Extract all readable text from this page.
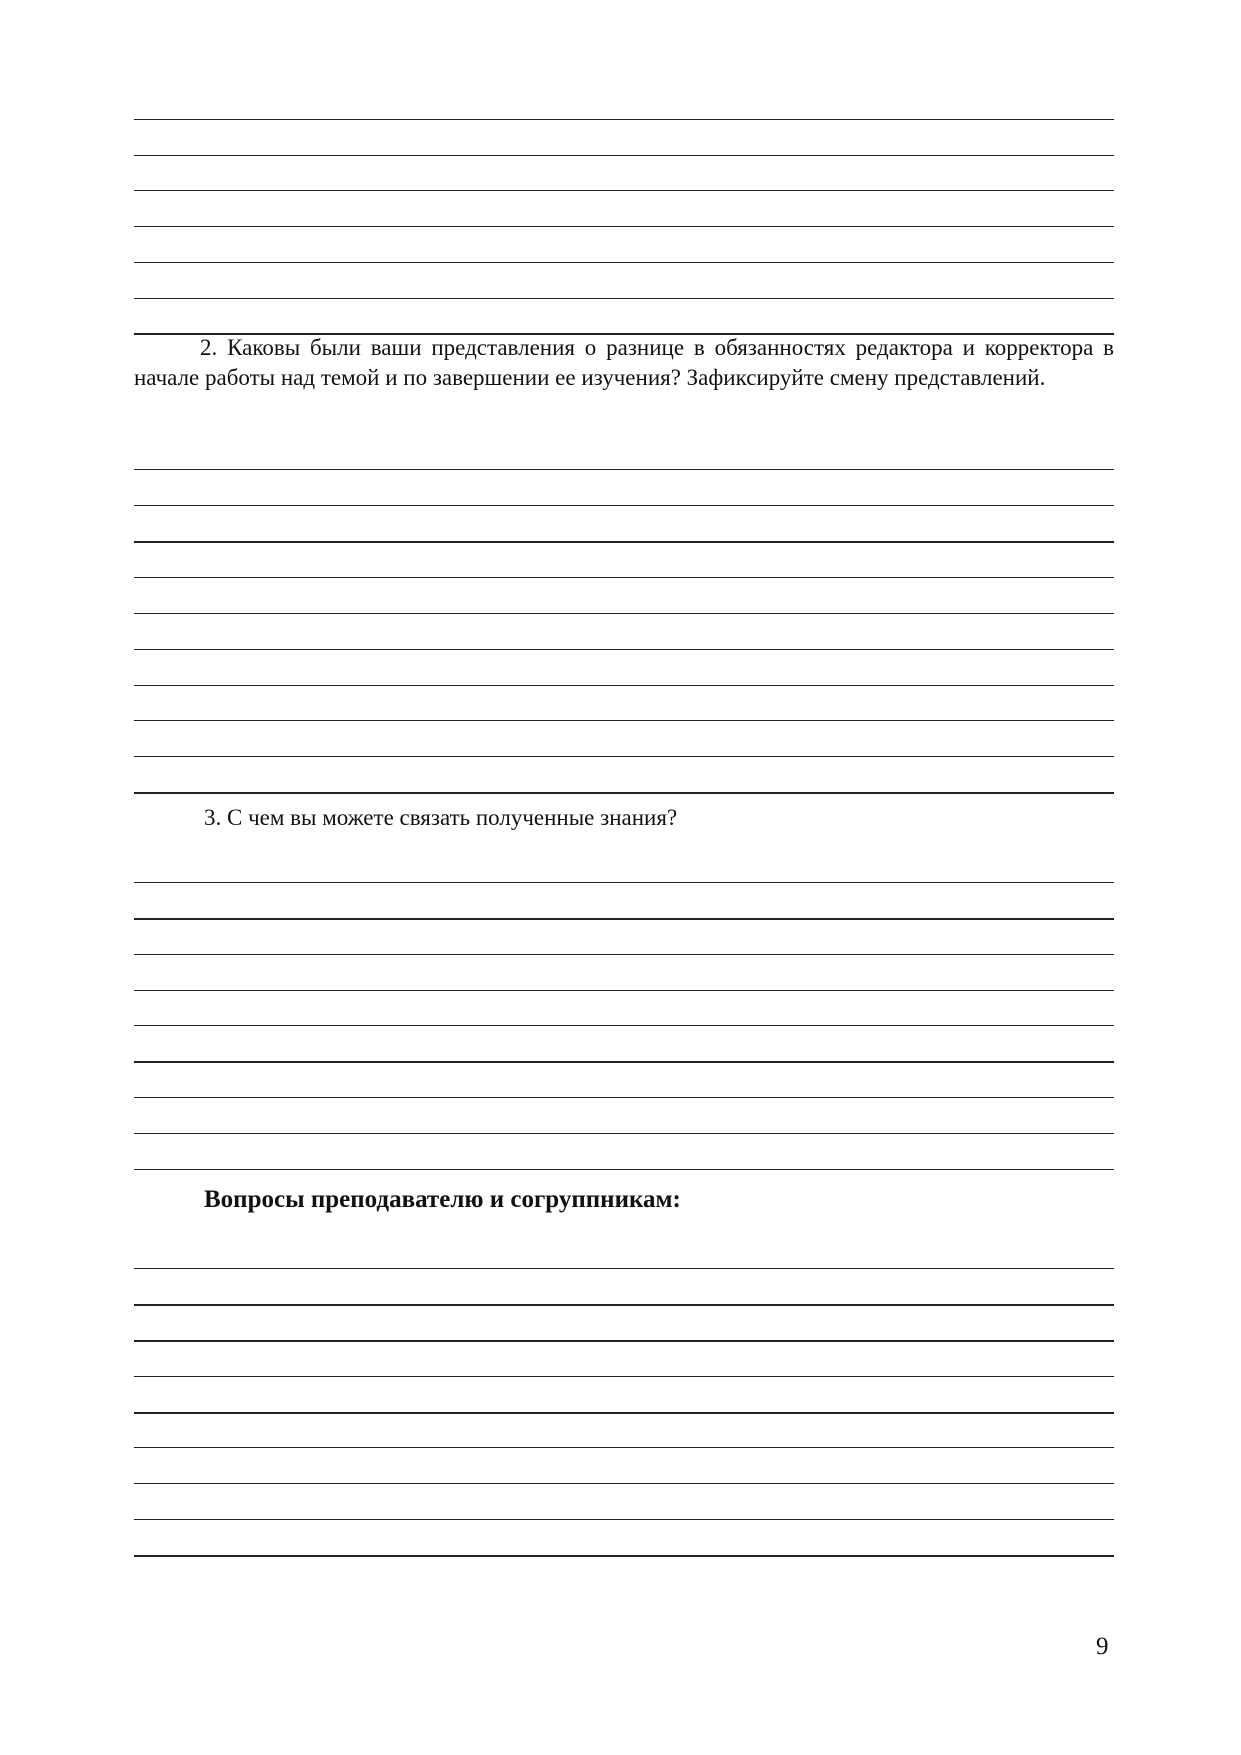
2. Каковы были ваши представления о разнице в обязанностях редактора и корректора в начале работы над темой и по завершении ее изучения? Зафиксируйте смену представлений.
3. С чем вы можете связать полученные знания?
Вопросы преподавателю и согруппникам:
9
